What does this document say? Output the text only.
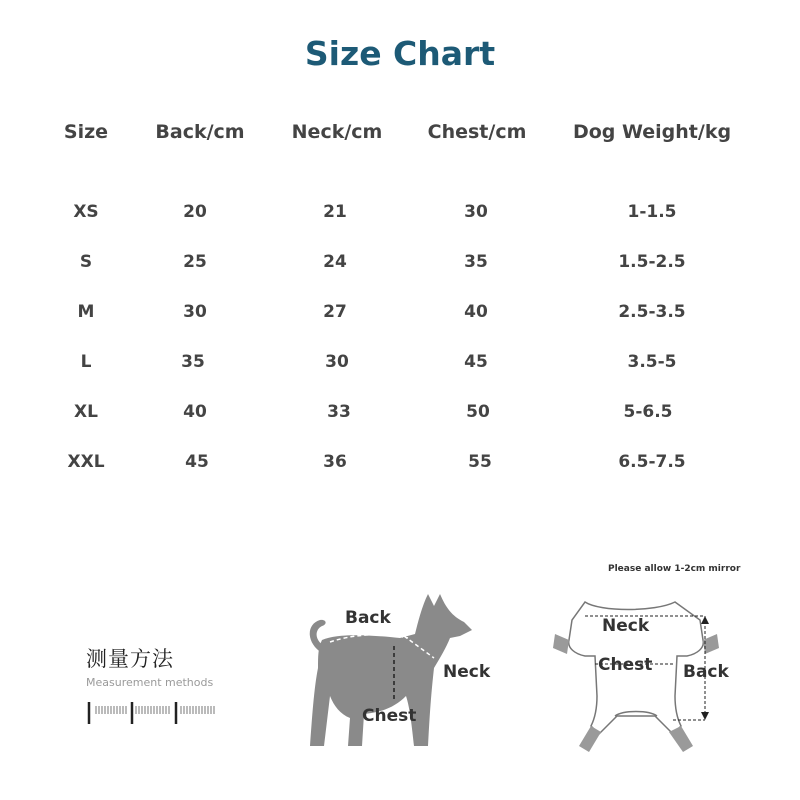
Size Chart
Size Back/cm Neck/cm Chest/cm Dog Weight/kg
XS	20	21	30	1-1.5
S	25	24	35	1.5-2.5
M	30	27	40	2.5-3.5
L	35	30	45	3.5-5
XL	40	33	50	5-6.5
XXL	45	36	55	6.5-7.5
测量方法
Measurement methods
Back
Neck
Chest
Please allow 1-2cm mirror
Neck
Chest Back
